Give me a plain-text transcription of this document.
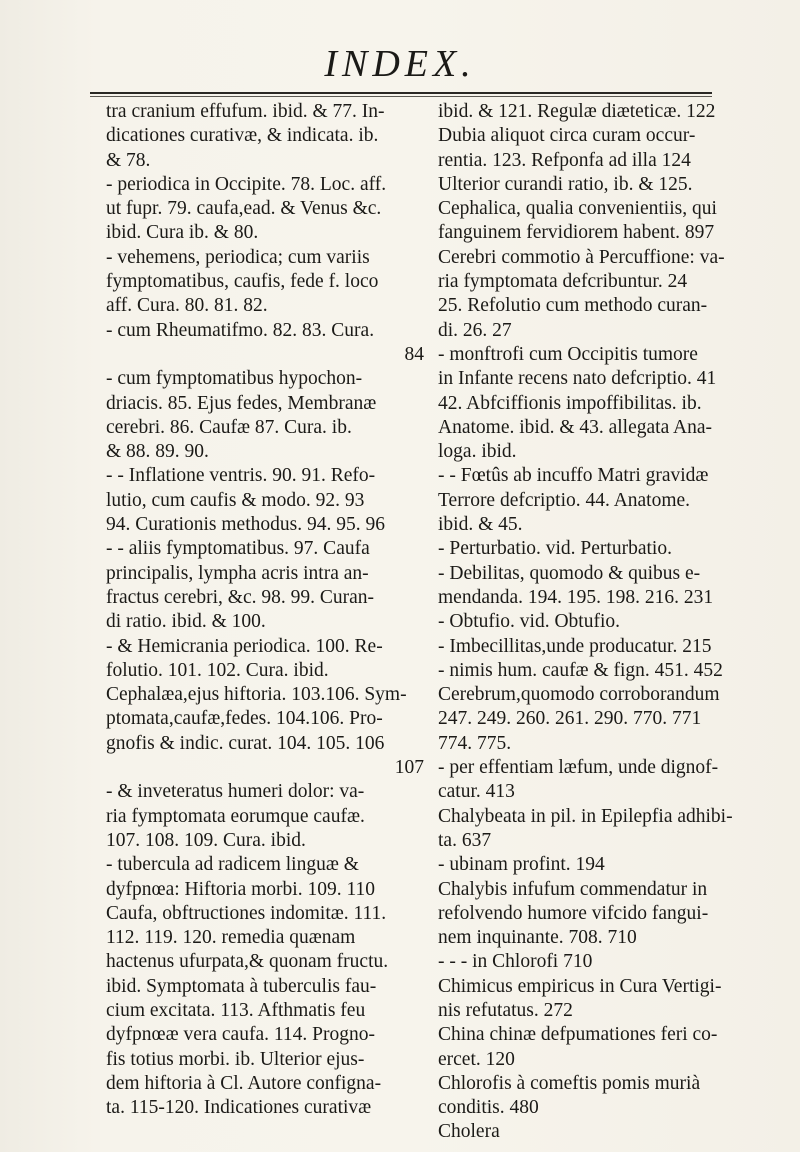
INDEX.
tra cranium effufum. ibid. & 77. In-
dicationes curativæ, & indicata. ib.
& 78.
- periodica in Occipite. 78. Loc. aff.
ut fupr. 79. caufa,ead. & Venus &c.
ibid. Cura ib. & 80.
- vehemens, periodica; cum variis
fymptomatibus, caufis, fede f. loco
aff. Cura. 80. 81. 82.
- cum Rheumatifmo. 82. 83. Cura.
84
- cum fymptomatibus hypochon-
driacis. 85. Ejus fedes, Membranæ
cerebri. 86. Caufæ 87. Cura. ib.
& 88. 89. 90.
- - Inflatione ventris. 90. 91. Refo-
lutio, cum caufis & modo. 92. 93
94. Curationis methodus. 94. 95. 96
- - aliis fymptomatibus. 97. Caufa
principalis, lympha acris intra an-
fractus cerebri, &c. 98. 99. Curan-
di ratio. ibid. & 100.
- & Hemicrania periodica. 100. Re-
folutio. 101. 102. Cura. ibid.
Cephalæa,ejus hiftoria. 103.106. Sym-
ptomata,caufæ,fedes. 104.106. Pro-
gnofis & indic. curat. 104. 105. 106
107
- & inveteratus humeri dolor: va-
ria fymptomata eorumque caufæ.
107. 108. 109. Cura. ibid.
- tubercula ad radicem linguæ &
dyfpnœa: Hiftoria morbi. 109. 110
Caufa, obftructiones indomitæ. 111.
112. 119. 120. remedia quænam
hactenus ufurpata,& quonam fructu.
ibid. Symptomata à tuberculis fau-
cium excitata. 113. Afthmatis feu
dyfpnœæ vera caufa. 114. Progno-
fis totius morbi. ib. Ulterior ejus-
dem hiftoria à Cl. Autore configna-
ta. 115-120. Indicationes curativæ
ibid. & 121. Regulæ diæteticæ. 122
Dubia aliquot circa curam occur-
rentia. 123. Refponfa ad illa 124
Ulterior curandi ratio, ib. & 125.
Cephalica, qualia convenientiis, qui
fanguinem fervidiorem habent. 897
Cerebri commotio à Percuffione: va-
ria fymptomata defcribuntur. 24
25. Refolutio cum methodo curan-
di. 26. 27
- monftrofi cum Occipitis tumore
in Infante recens nato defcriptio. 41
42. Abfciffionis impoffibilitas. ib.
Anatome. ibid. & 43. allegata Ana-
loga. ibid.
- - Fœtûs ab incuffo Matri gravidæ
Terrore defcriptio. 44. Anatome.
ibid. & 45.
- Perturbatio. vid. Perturbatio.
- Debilitas, quomodo & quibus e-
mendanda. 194. 195. 198. 216. 231
- Obtufio. vid. Obtufio.
- Imbecillitas,unde producatur. 215
- nimis hum. caufæ & fign. 451. 452
Cerebrum,quomodo corroborandum
247. 249. 260. 261. 290. 770. 771
774. 775.
- per effentiam læfum, unde dignof-
catur. 413
Chalybeata in pil. in Epilepfia adhibi-
ta. 637
- ubinam profint. 194
Chalybis infufum commendatur in
refolvendo humore vifcido fangui-
nem inquinante. 708. 710
- - - in Chlorofi 710
Chimicus empiricus in Cura Vertigi-
nis refutatus. 272
China chinæ defpumationes feri co-
ercet. 120
Chlorofis à comeftis pomis murià
conditis. 480
Cholera
